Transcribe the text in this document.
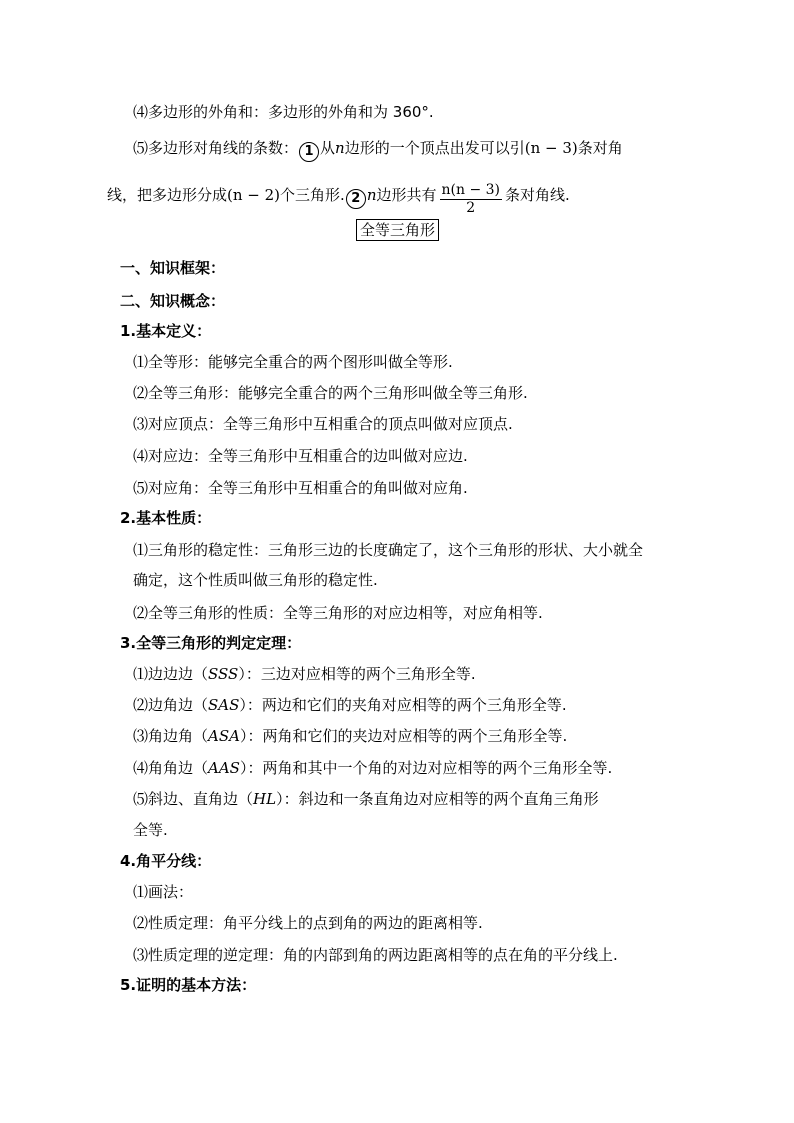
⑷多边形的外角和：多边形的外角和为 360°.
⑸多边形对角线的条数： 1 从n边形的一个顶点出发可以引(n − 3)条对角
线，把多边形分成(n − 2)个三角形. 2 n边形共有 $\frac{n(n - 3)}{2}$ 条对角线.
全等三角形
一、知识框架：
二、知识概念：
1.基本定义：
⑴全等形：能够完全重合的两个图形叫做全等形.
⑵全等三角形：能够完全重合的两个三角形叫做全等三角形.
⑶对应顶点：全等三角形中互相重合的顶点叫做对应顶点.
⑷对应边：全等三角形中互相重合的边叫做对应边.
⑸对应角：全等三角形中互相重合的角叫做对应角.
2.基本性质：
⑴三角形的稳定性：三角形三边的长度确定了，这个三角形的形状、大小就全
确定，这个性质叫做三角形的稳定性.
⑵全等三角形的性质：全等三角形的对应边相等，对应角相等.
3.全等三角形的判定定理：
⑴边边边（SSS）：三边对应相等的两个三角形全等.
⑵边角边（SAS）：两边和它们的夹角对应相等的两个三角形全等.
⑶角边角（ASA）：两角和它们的夹边对应相等的两个三角形全等.
⑷角角边（AAS）：两角和其中一个角的对边对应相等的两个三角形全等.
⑸斜边、直角边（HL）：斜边和一条直角边对应相等的两个直角三角形
全等.
4.角平分线：
⑴画法：
⑵性质定理：角平分线上的点到角的两边的距离相等.
⑶性质定理的逆定理：角的内部到角的两边距离相等的点在角的平分线上.
5.证明的基本方法：
